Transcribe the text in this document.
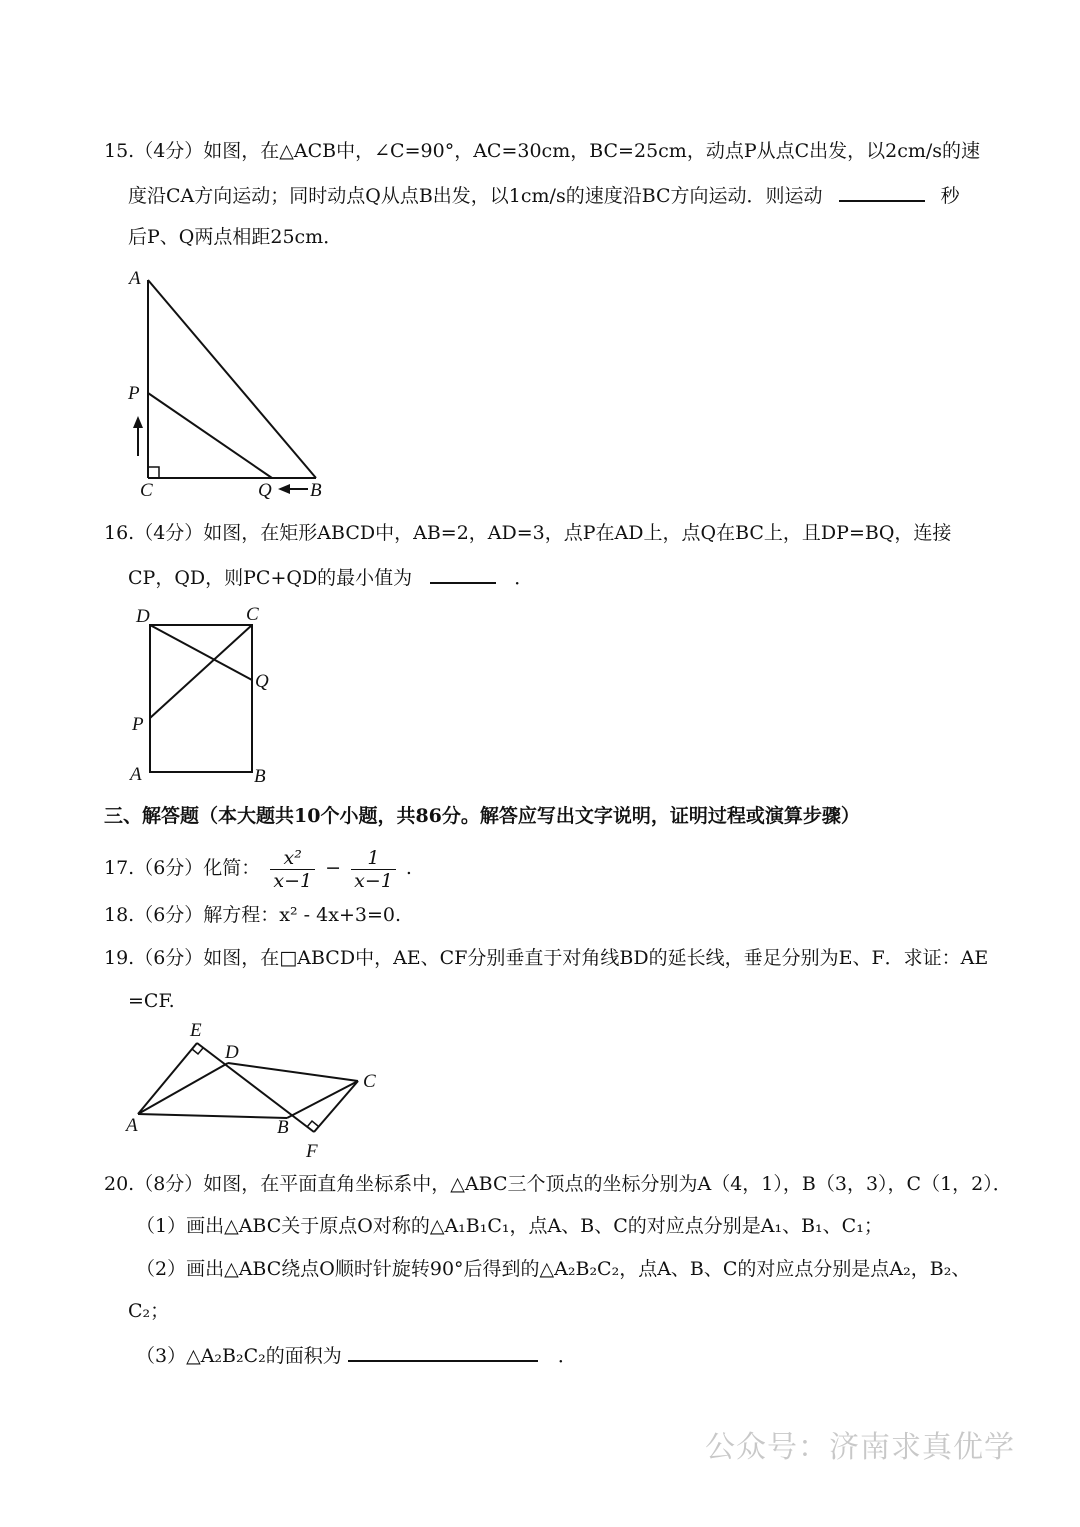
15.（4分）如图，在△ACB中，∠C=90°，AC=30cm，BC=25cm，动点P从点C出发，以2cm/s的速
度沿CA方向运动；同时动点Q从点B出发，以1cm/s的速度沿BC方向运动．则运动	秒
后P、Q两点相距25cm．
A
P
C	Q B
16.（4分）如图，在矩形ABCD中，AB=2，AD=3，点P在AD上，点Q在BC上，且DP=BQ，连接
CP，QD，则PC+QD的最小值为	．
D	C
Q
P
A	B
三、解答题（本大题共10个小题，共86分。解答应写出文字说明，证明过程或演算步骤）
17.（6分）化简： $\frac{\text{x²}}{x-1} - \frac{1}{x-1}$ .
18.（6分）解方程：x² - 4x+3=0.
19.（6分）如图，在□ABCD中，AE、CF分别垂直于对角线BD的延长线，垂足分别为E、F．求证：AE
=CF.
E
D
C
A	B
F
20.（8分）如图，在平面直角坐标系中，△ABC三个顶点的坐标分别为A（4，1），B（3，3），C（1，2）．
（1）画出△ABC关于原点O对称的△A₁B₁C₁，点A、B、C的对应点分别是A₁、B₁、C₁；
（2）画出△ABC绕点O顺时针旋转90°后得到的△A₂B₂C₂，点A、B、C的对应点分别是点A₂，B₂、
C₂；
（3）△A₂B₂C₂的面积为	．
公众号：济南求真优学
